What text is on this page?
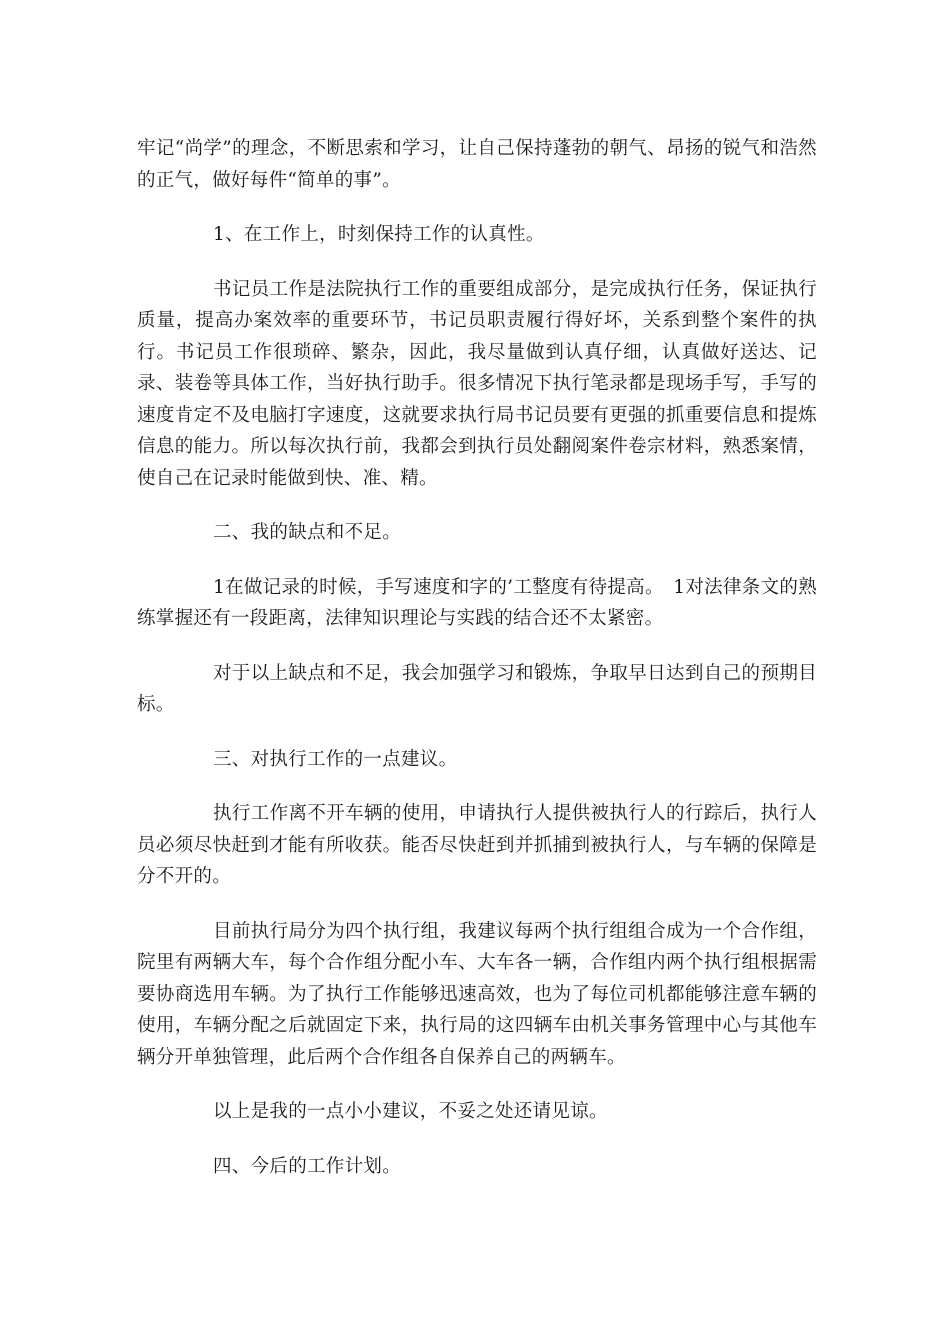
牢记“尚学”的理念，不断思索和学习，让自己保持蓬勃的朝气、昂扬的锐气和浩然的正气，做好每件“简单的事”。

1、在工作上，时刻保持工作的认真性。

书记员工作是法院执行工作的重要组成部分，是完成执行任务，保证执行质量，提高办案效率的重要环节，书记员职责履行得好坏，关系到整个案件的执行。书记员工作很琐碎、繁杂，因此，我尽量做到认真仔细，认真做好送达、记录、装卷等具体工作，当好执行助手。很多情况下执行笔录都是现场手写，手写的速度肯定不及电脑打字速度，这就要求执行局书记员要有更强的抓重要信息和提炼信息的能力。所以每次执行前，我都会到执行员处翻阅案件卷宗材料，熟悉案情，使自己在记录时能做到快、准、精。

二、我的缺点和不足。

1在做记录的时候，手写速度和字的’工整度有待提高。　1对法律条文的熟练掌握还有一段距离，法律知识理论与实践的结合还不太紧密。

对于以上缺点和不足，我会加强学习和锻炼，争取早日达到自己的预期目标。

三、对执行工作的一点建议。

执行工作离不开车辆的使用，申请执行人提供被执行人的行踪后，执行人员必须尽快赶到才能有所收获。能否尽快赶到并抓捕到被执行人，与车辆的保障是分不开的。

目前执行局分为四个执行组，我建议每两个执行组组合成为一个合作组，院里有两辆大车，每个合作组分配小车、大车各一辆，合作组内两个执行组根据需要协商选用车辆。为了执行工作能够迅速高效，也为了每位司机都能够注意车辆的使用，车辆分配之后就固定下来，执行局的这四辆车由机关事务管理中心与其他车辆分开单独管理，此后两个合作组各自保养自己的两辆车。

以上是我的一点小小建议，不妥之处还请见谅。

四、今后的工作计划。
